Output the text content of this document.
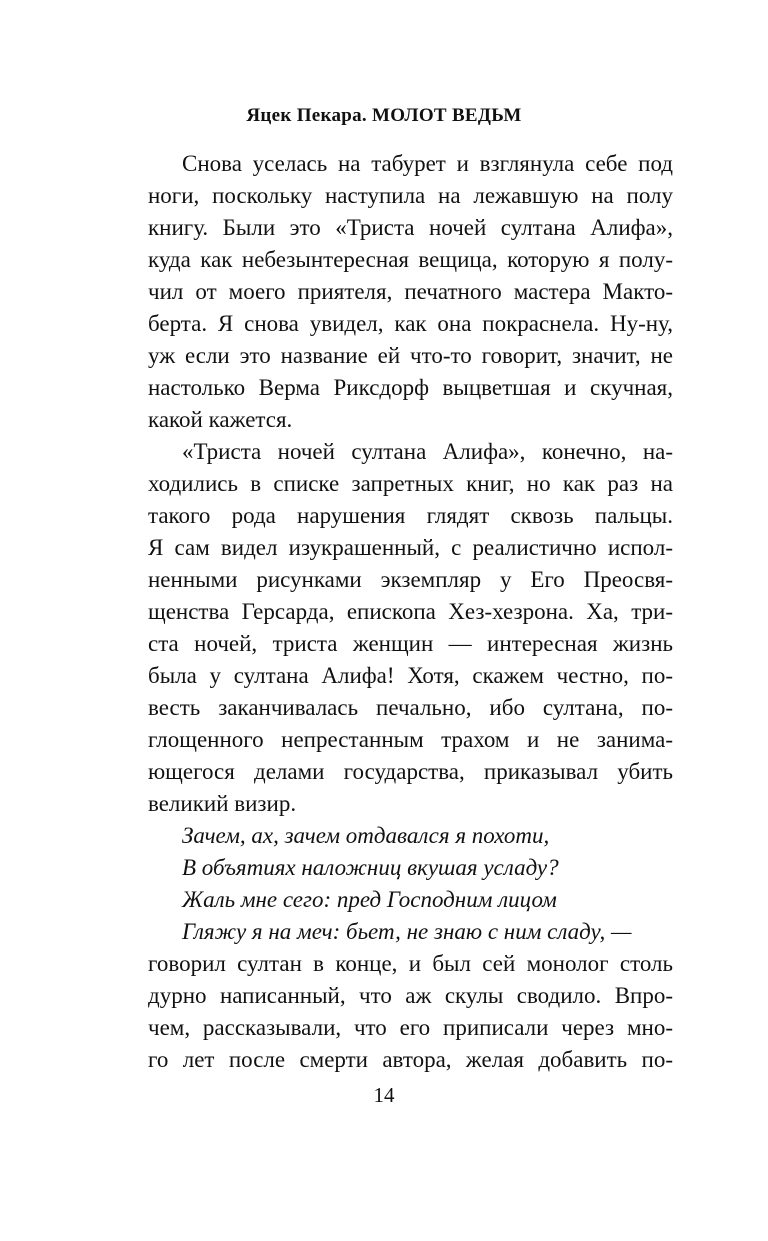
Яцек Пекара. МОЛОТ ВЕДЬМ
Снова уселась на табурет и взглянула себе под
ноги, поскольку наступила на лежавшую на полу
книгу. Были это «Триста ночей султана Алифа»,
куда как небезынтересная вещица, которую я полу-
чил от моего приятеля, печатного мастера Макто-
берта. Я снова увидел, как она покраснела. Ну-ну,
уж если это название ей что-то говорит, значит, не
настолько Верма Риксдорф выцветшая и скучная,
какой кажется.
«Триста ночей султана Алифа», конечно, на-
ходились в списке запретных книг, но как раз на
такого рода нарушения глядят сквозь пальцы.
Я сам видел изукрашенный, с реалистично испол-
ненными рисунками экземпляр у Его Преосвя-
щенства Герсарда, епископа Хез-хезрона. Ха, три-
ста ночей, триста женщин — интересная жизнь
была у султана Алифа! Хотя, скажем честно, по-
весть заканчивалась печально, ибо султана, по-
глощенного непрестанным трахом и не занима-
ющегося делами государства, приказывал убить
великий визир.
Зачем, ах, зачем отдавался я похоти,
В объятиях наложниц вкушая усладу?
Жаль мне сего: пред Господним лицом
Гляжу я на меч: бьет, не знаю с ним сладу, —
говорил султан в конце, и был сей монолог столь
дурно написанный, что аж скулы сводило. Впро-
чем, рассказывали, что его приписали через мно-
го лет после смерти автора, желая добавить по-
14
